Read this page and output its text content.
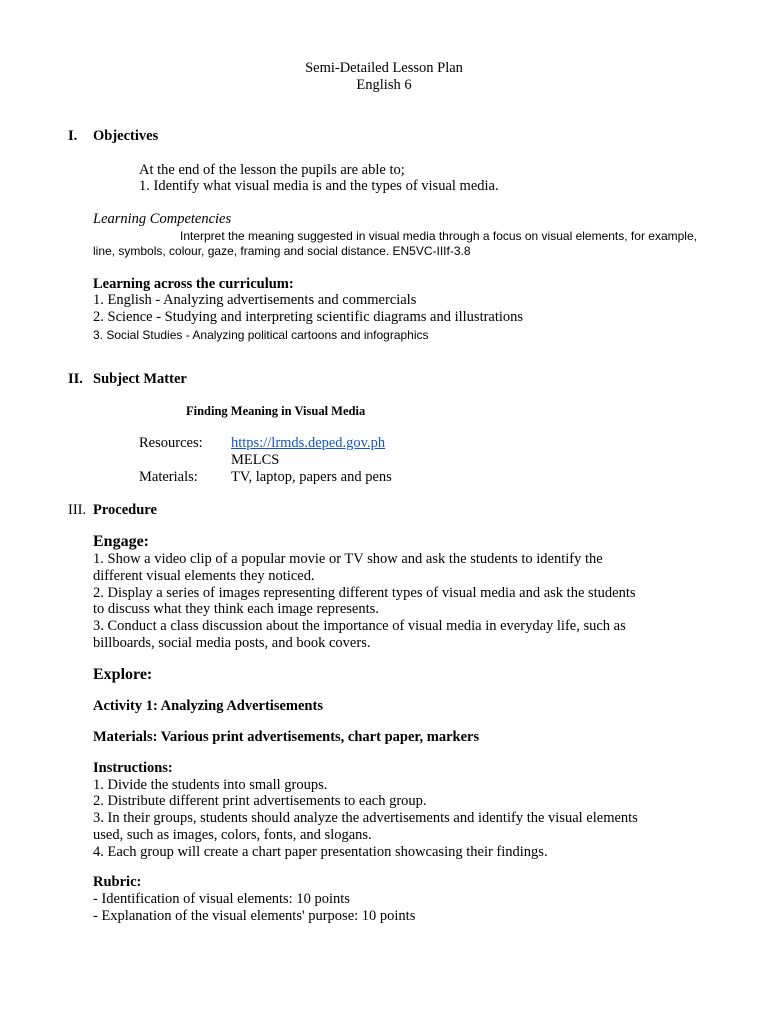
Semi-Detailed Lesson Plan
English 6
I. Objectives
At the end of the lesson the pupils are able to;
1. Identify what visual media is and the types of visual media.
Learning Competencies
Interpret the meaning suggested in visual media through a focus on visual elements, for example,
line, symbols, colour, gaze, framing and social distance. EN5VC-IIIf-3.8
Learning across the curriculum:
1. English - Analyzing advertisements and commercials
2. Science - Studying and interpreting scientific diagrams and illustrations
3. Social Studies - Analyzing political cartoons and infographics
II. Subject Matter
Finding Meaning in Visual Media
Resources: https://lrmds.deped.gov.ph
MELCS
Materials: TV, laptop, papers and pens
III. Procedure
Engage:
1. Show a video clip of a popular movie or TV show and ask the students to identify the
different visual elements they noticed.
2. Display a series of images representing different types of visual media and ask the students
to discuss what they think each image represents.
3. Conduct a class discussion about the importance of visual media in everyday life, such as
billboards, social media posts, and book covers.
Explore:
Activity 1: Analyzing Advertisements
Materials: Various print advertisements, chart paper, markers
Instructions:
1. Divide the students into small groups.
2. Distribute different print advertisements to each group.
3. In their groups, students should analyze the advertisements and identify the visual elements
used, such as images, colors, fonts, and slogans.
4. Each group will create a chart paper presentation showcasing their findings.
Rubric:
- Identification of visual elements: 10 points
- Explanation of the visual elements' purpose: 10 points
